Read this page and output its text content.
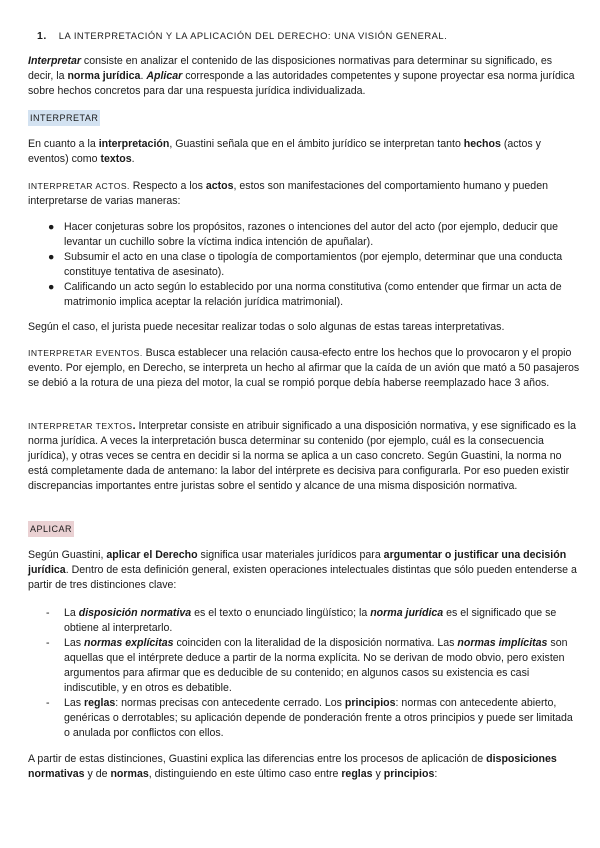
1. LA INTERPRETACIÓN Y LA APLICACIÓN DEL DERECHO: UNA VISIÓN GENERAL.

Interpretar consiste en analizar el contenido de las disposiciones normativas para determinar su significado, es decir, la norma jurídica. Aplicar corresponde a las autoridades competentes y supone proyectar esa norma jurídica sobre hechos concretos para dar una respuesta jurídica individualizada.

INTERPRETAR

En cuanto a la interpretación, Guastini señala que en el ámbito jurídico se interpretan tanto hechos (actos y eventos) como textos.

INTERPRETAR ACTOS. Respecto a los actos, estos son manifestaciones del comportamiento humano y pueden interpretarse de varias maneras:

● Hacer conjeturas sobre los propósitos, razones o intenciones del autor del acto (por ejemplo, deducir que levantar un cuchillo sobre la víctima indica intención de apuñalar).
● Subsumir el acto en una clase o tipología de comportamientos (por ejemplo, determinar que una conducta constituye tentativa de asesinato).
● Calificando un acto según lo establecido por una norma constitutiva (como entender que firmar un acta de matrimonio implica aceptar la relación jurídica matrimonial).

Según el caso, el jurista puede necesitar realizar todas o solo algunas de estas tareas interpretativas.

INTERPRETAR EVENTOS. Busca establecer una relación causa-efecto entre los hechos que lo provocaron y el propio evento. Por ejemplo, en Derecho, se interpreta un hecho al afirmar que la caída de un avión que mató a 50 pasajeros se debió a la rotura de una pieza del motor, la cual se rompió porque debía haberse reemplazado hace 3 años.

INTERPRETAR TEXTOS. Interpretar consiste en atribuir significado a una disposición normativa, y ese significado es la norma jurídica. A veces la interpretación busca determinar su contenido (por ejemplo, cuál es la consecuencia jurídica), y otras veces se centra en decidir si la norma se aplica a un caso concreto. Según Guastini, la norma no está completamente dada de antemano: la labor del intérprete es decisiva para configurarla. Por eso pueden existir discrepancias importantes entre juristas sobre el sentido y alcance de una misma disposición normativa.

APLICAR

Según Guastini, aplicar el Derecho significa usar materiales jurídicos para argumentar o justificar una decisión jurídica. Dentro de esta definición general, existen operaciones intelectuales distintas que sólo pueden entenderse a partir de tres distinciones clave:

- La disposición normativa es el texto o enunciado lingüístico; la norma jurídica es el significado que se obtiene al interpretarlo.
- Las normas explícitas coinciden con la literalidad de la disposición normativa. Las normas implícitas son aquellas que el intérprete deduce a partir de la norma explícita. No se derivan de modo obvio, pero existen argumentos para afirmar que es deducible de su contenido; en algunos casos su existencia es casi indiscutible, y en otros es debatible.
- Las reglas: normas precisas con antecedente cerrado. Los principios: normas con antecedente abierto, genéricas o derrotables; su aplicación depende de ponderación frente a otros principios y puede ser limitada o anulada por conflictos con ellos.

A partir de estas distinciones, Guastini explica las diferencias entre los procesos de aplicación de disposiciones normativas y de normas, distinguiendo en este último caso entre reglas y principios:
